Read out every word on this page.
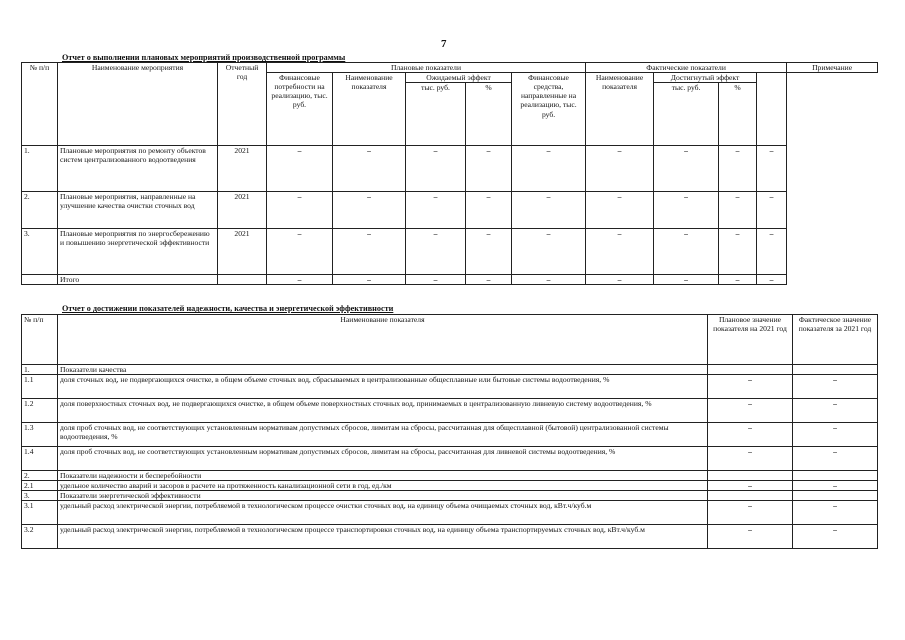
7
Отчет о выполнении плановых мероприятий производственной программы
№ п/п	Наименование мероприятия	Отчетный год	Плановые показатели					Фактические показатели				Примечание
			Финансовые потребности на реализацию, тыс. руб.	Наименование показателя	Ожидаемый эффект		Финансовые средства, направленные на реализацию, тыс. руб.	Наименование показателя	Достигнутый эффект			
					тыс. руб.	%			тыс. руб.	%		
1.	Плановые мероприятия по ремонту объектов систем централизованного водоотведения	2021	–	–	–	–	–	–	–	–	–	
2.	Плановые мероприятия, направленные на улучшение качества очистки сточных вод	2021	–	–	–	–	–	–	–	–	–	
3.	Плановые мероприятия по энергосбережению и повышению энергетической эффективности	2021	–	–	–	–	–	–	–	–	–	
	Итого		–	–	–	–	–	–	–	–	–	
Отчет о достижении показателей надежности, качества и энергетической эффективности
№ п/п	Наименование показателя	Плановое значение показателя на 2021 год	Фактическое значение показателя за 2021 год
1.	Показатели качества		
1.1	доля сточных вод, не подвергающихся очистке, в общем объеме сточных вод, сбрасываемых в централизованные общесплавные или бытовые системы водоотведения, %	–	–
1.2	доля поверхностных сточных вод, не подвергающихся очистке, в общем объеме поверхностных сточных вод, принимаемых в централизованную ливневую систему водоотведения, %	–	–
1.3	доля проб сточных вод, не соответствующих установленным нормативам допустимых сбросов, лимитам на сбросы, рассчитанная для общесплавной (бытовой) централизованной системы водоотведения, %	–	–
1.4	доля проб сточных вод, не соответствующих установленным нормативам допустимых сбросов, лимитам на сбросы, рассчитанная для ливневой системы водоотведения, %	–	–
2.	Показатели надежности и бесперебойности		
2.1	удельное количество аварий и засоров в расчете на протяженность канализационной сети в год, ед./км	–	–
3.	Показатели энергетической эффективности		
3.1	удельный расход электрической энергии, потребляемой в технологическом процессе очистки сточных вод, на единицу объема очищаемых сточных вод, кВт.ч/куб.м	–	–
3.2	удельный расход электрической энергии, потребляемой в технологическом процессе транспортировки сточных вод, на единицу объема транспортируемых сточных вод, кВт.ч/куб.м	–	–
